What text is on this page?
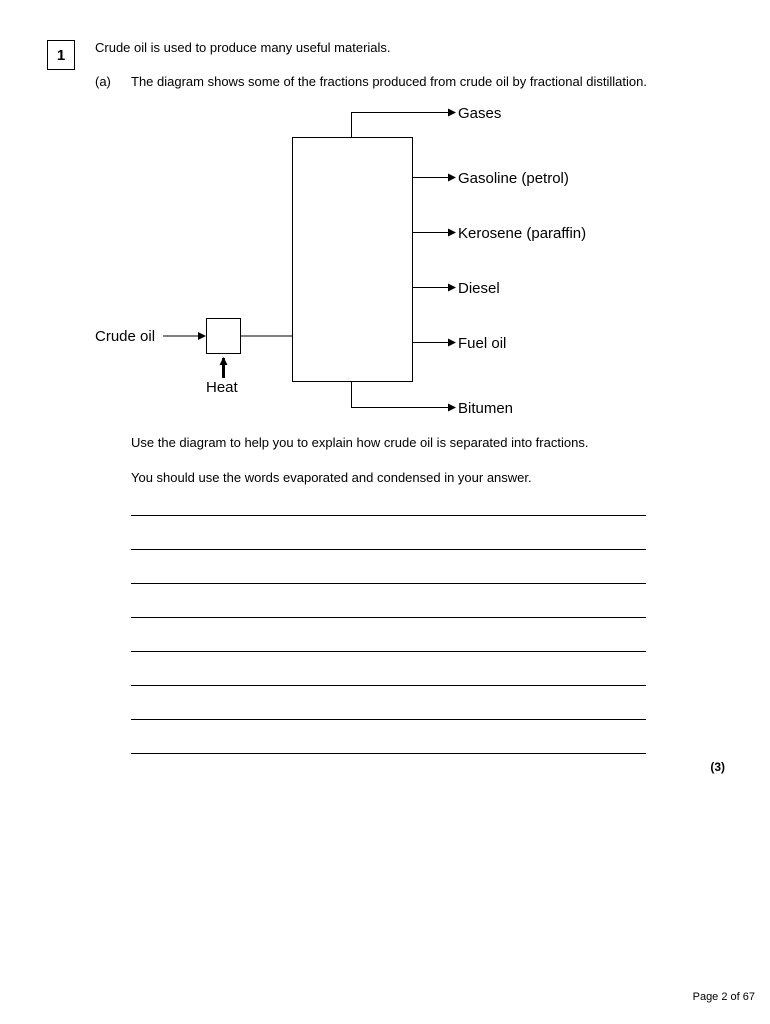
1	Crude oil is used to produce many useful materials.
(a) The diagram shows some of the fractions produced from crude oil by fractional distillation.
Crude oil
Heat
Gases
Gasoline (petrol)
Kerosene (paraffin)
Diesel
Fuel oil
Bitumen
Use the diagram to help you to explain how crude oil is separated into fractions.
You should use the words evaporated and condensed in your answer.
(3)
Page 2 of 67
